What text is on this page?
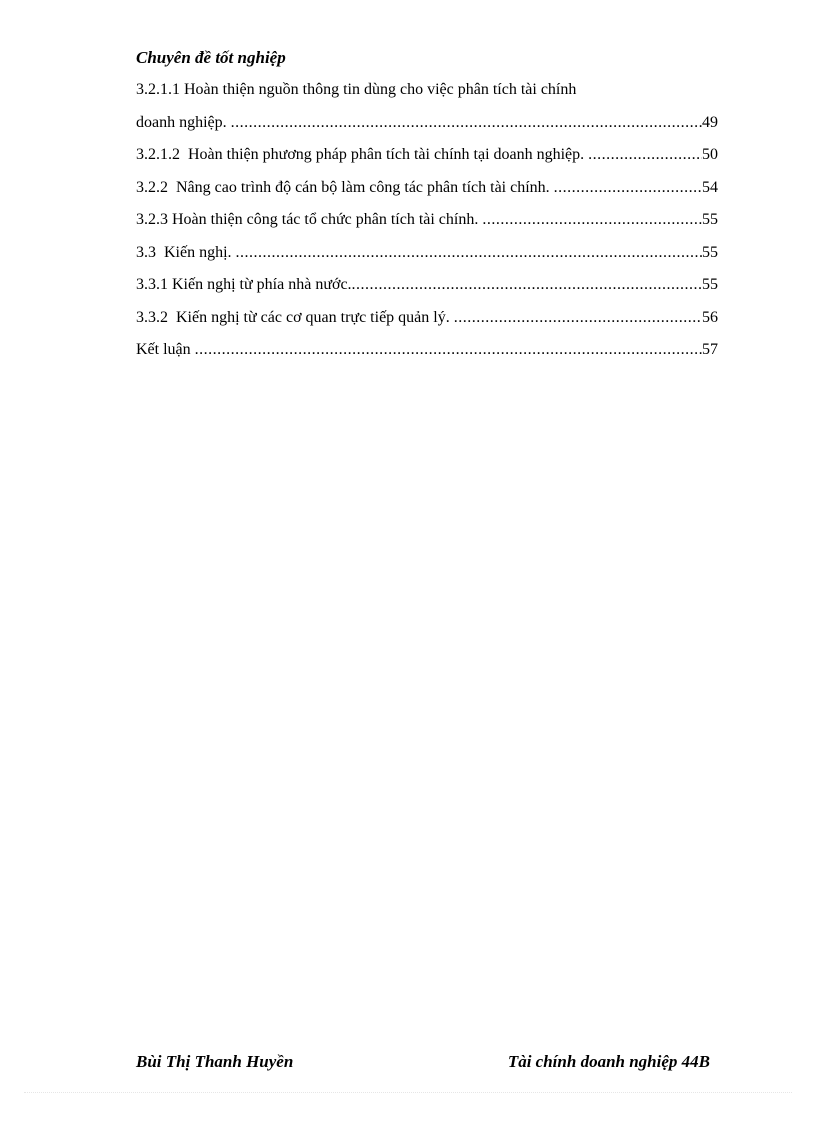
Chuyên đề tốt nghiệp
3.2.1.1 Hoàn thiện nguồn thông tin dùng cho việc phân tích tài chính
doanh nghiệp. .....	49
3.2.1.2  Hoàn thiện phương pháp phân tích tài chính tại doanh nghiệp. .....	50
3.2.2  Nâng cao trình độ cán bộ làm công tác phân tích tài chính. .....	54
3.2.3 Hoàn thiện công tác tổ chức phân tích tài chính. .....	55
3.3  Kiến nghị. .....	55
3.3.1 Kiến nghị từ phía nhà nước. .....	55
3.3.2  Kiến nghị từ các cơ quan trực tiếp quản lý. .....	56
Kết luận .....	57
Bùi Thị Thanh Huyền	Tài chính doanh nghiệp 44B
